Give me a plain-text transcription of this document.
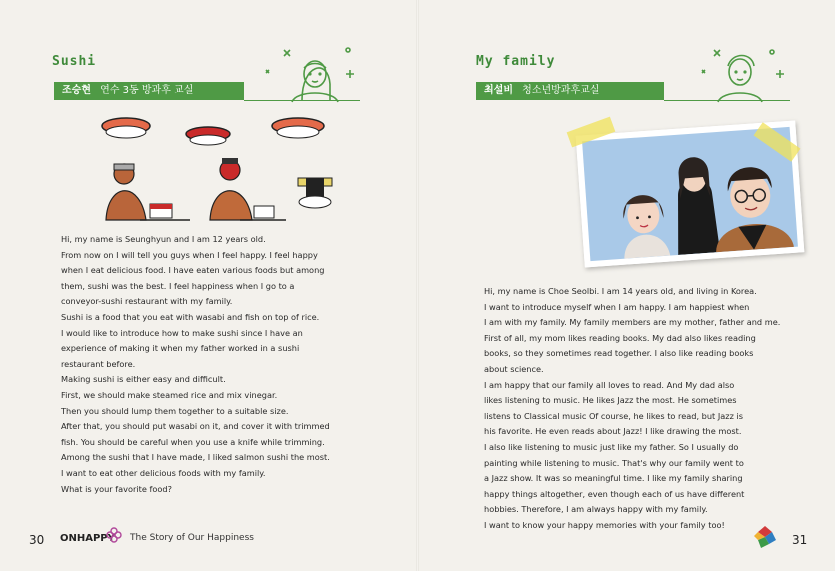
Sushi
조승현 연수 3동 방과후 교실

Hi, my name is Seunghyun and I am 12 years old.

From now on I will tell you guys when I feel happy. I feel happy

when I eat delicious food. I have eaten various foods but among

them, sushi was the best. I feel happiness when I go to a

conveyor-sushi restaurant with my family.

Sushi is a food that you eat with wasabi and fish on top of rice.

I would like to introduce how to make sushi since I have an

experience of making it when my father worked in a sushi

restaurant before.

Making sushi is either easy and difficult.

First, we should make steamed rice and mix vinegar.

Then you should lump them together to a suitable size.

After that, you should put wasabi on it, and cover it with trimmed

fish. You should be careful when you use a knife while trimming.

Among the sushi that I have made, I liked salmon sushi the most.

I want to eat other delicious foods with my family.

What is your favorite food?

30 ONHAPPY The Story of Our Happiness
My family
최설비 청소년방과후교실

Hi, my name is Choe Seolbi. I am 14 years old, and living in Korea.

I want to introduce myself when I am happy. I am happiest when

I am with my family. My family members are my mother, father and me.

First of all, my mom likes reading books. My dad also likes reading

books, so they sometimes read together. I also like reading books

about science.

I am happy that our family all loves to read. And My dad also

likes listening to music. He likes Jazz the most. He sometimes

listens to Classical music Of course, he likes to read, but Jazz is

his favorite. He even reads about Jazz! I like drawing the most.

I also like listening to music just like my father. So I usually do

painting while listening to music. That's why our family went to

a Jazz show. It was so meaningful time. I like my family sharing

happy things altogether, even though each of us have different

hobbies. Therefore, I am always happy with my family.

I want to know your happy memories with your family too!

31
